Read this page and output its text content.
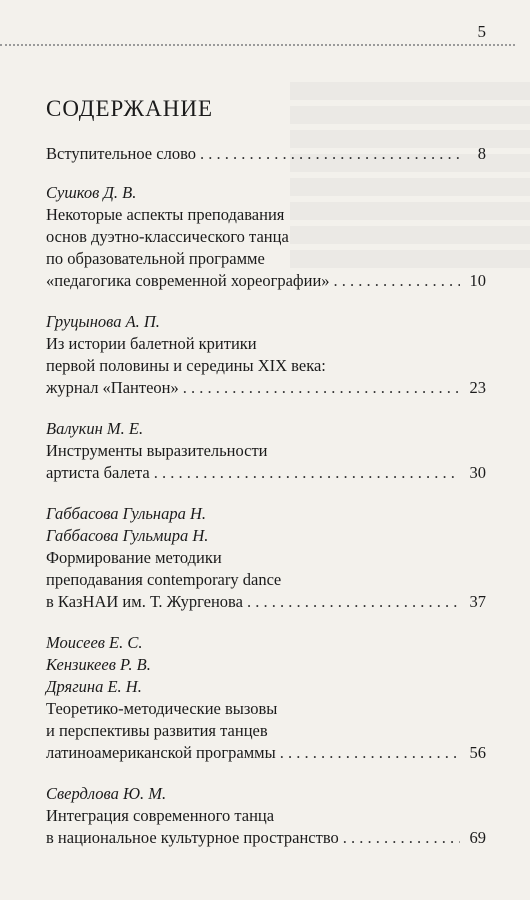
5
СОДЕРЖАНИЕ
Вступительное слово . . .	8
Сушков Д. В.
Некоторые аспекты преподавания
основ дуэтно-классического танца
по образовательной программе
«педагогика современной хореографии» . . .	10
Груцынова А. П.
Из истории балетной критики
первой половины и середины XIX века:
журнал «Пантеон» . . .	23
Валукин М. Е.
Инструменты выразительности
артиста балета . . .	30
Габбасова Гульнара Н.
Габбасова Гульмира Н.
Формирование методики
преподавания contemporary dance
в КазНАИ им. Т. Жургенова . . .	37
Моисеев Е. С.
Кензикеев Р. В.
Дрягина Е. Н.
Теоретико-методические вызовы
и перспективы развития танцев
латиноамериканской программы . . .	56
Свердлова Ю. М.
Интеграция современного танца
в национальное культурное пространство . . .	69
